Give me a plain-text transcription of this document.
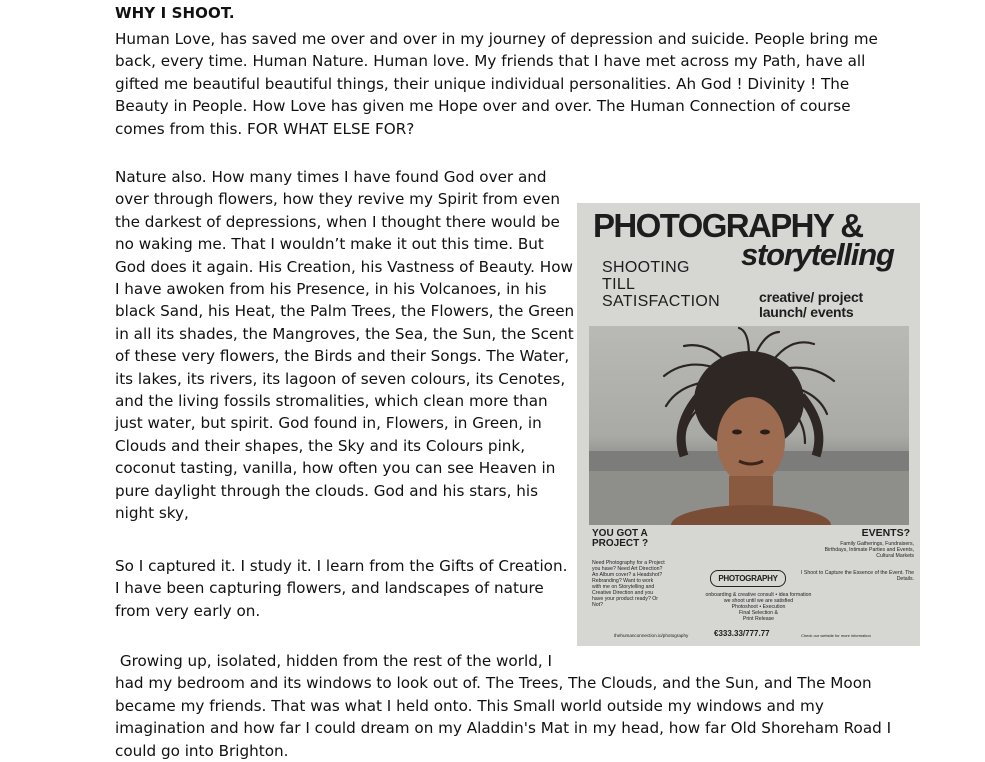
WHY I SHOOT.

Human Love, has saved me over and over in my journey of depression and suicide. People bring me
back, every time. Human Nature. Human love. My friends that I have met across my Path, have all
gifted me beautiful beautiful things, their unique individual personalities. Ah God ! Divinity ! The
Beauty in People. How Love has given me Hope over and over. The Human Connection of course
comes from this. FOR WHAT ELSE FOR?

Nature also. How many times I have found God over and
over through flowers, how they revive my Spirit from even
the darkest of depressions, when I thought there would be
no waking me. That I wouldn’t make it out this time. But
God does it again. His Creation, his Vastness of Beauty. How
I have awoken from his Presence, in his Volcanoes, in his
black Sand, his Heat, the Palm Trees, the Flowers, the Green
in all its shades, the Mangroves, the Sea, the Sun, the Scent
of these very flowers, the Birds and their Songs. The Water,
its lakes, its rivers, its lagoon of seven colours, its Cenotes,
and the living fossils stromalities, which clean more than
just water, but spirit. God found in, Flowers, in Green, in
Clouds and their shapes, the Sky and its Colours pink,
coconut tasting, vanilla, how often you can see Heaven in
pure daylight through the clouds. God and his stars, his
night sky,

So I captured it. I study it. I learn from the Gifts of Creation.
I have been capturing flowers, and landscapes of nature
from very early on.

Growing up, isolated, hidden from the rest of the world, I
had my bedroom and its windows to look out of. The Trees, The Clouds, and the Sun, and The Moon
became my friends. That was what I held onto. This Small world outside my windows and my
imagination and how far I could dream on my Aladdin's Mat in my head, how far Old Shoreham Road I
could go into Brighton.

PHOTOGRAPHY &
storytelling
SHOOTING
TILL
SATISFACTION	creative/ project
launch/ events
YOU GOT A
PROJECT ?
EVENTS?
Need Photography for a Project
you have? Need Art Direction?
An Album cover? a Headshot?
Rebranding? Want to work
with me on Storytelling and
Creative Direction and you
have your product ready? Or
Not?
Family Gatherings, Fundraisers,
Birthdays, Intimate Parties and Events,
Cultural Markets
I Shoot to Capture the Essence of the Event. The Details.
PHOTOGRAPHY
onboarding & creative consult • idea formation
we shoot until we are satisfied
Photoshoot • Execution
Final Selection &
Print Release
thehumanconnection.io/photography	€333.33/777.77	Check our website for more information
